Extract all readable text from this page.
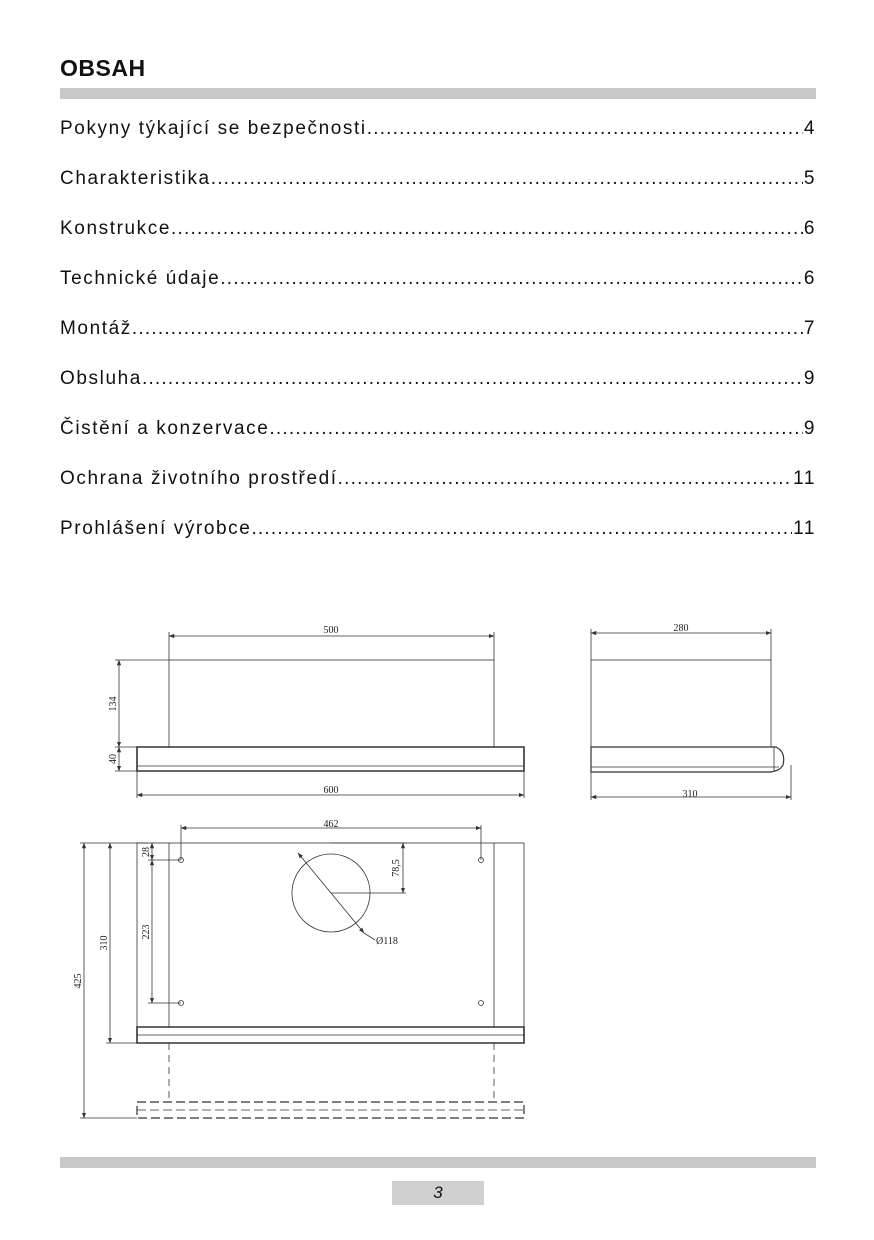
OBSAH
Pokyny týkající se bezpečnosti .....	4
Charakteristika .....	5
Konstrukce .....	6
Technické údaje .....	6
Montáž .....	7
Obsluha .....	9
Čistění a konzervace .....	9
Ochrana životního prostředí .....	11
Prohlášení výrobce .....	11
500
134
40
600
280
310
Ø118
78,5
462
28
223
310
425
3
